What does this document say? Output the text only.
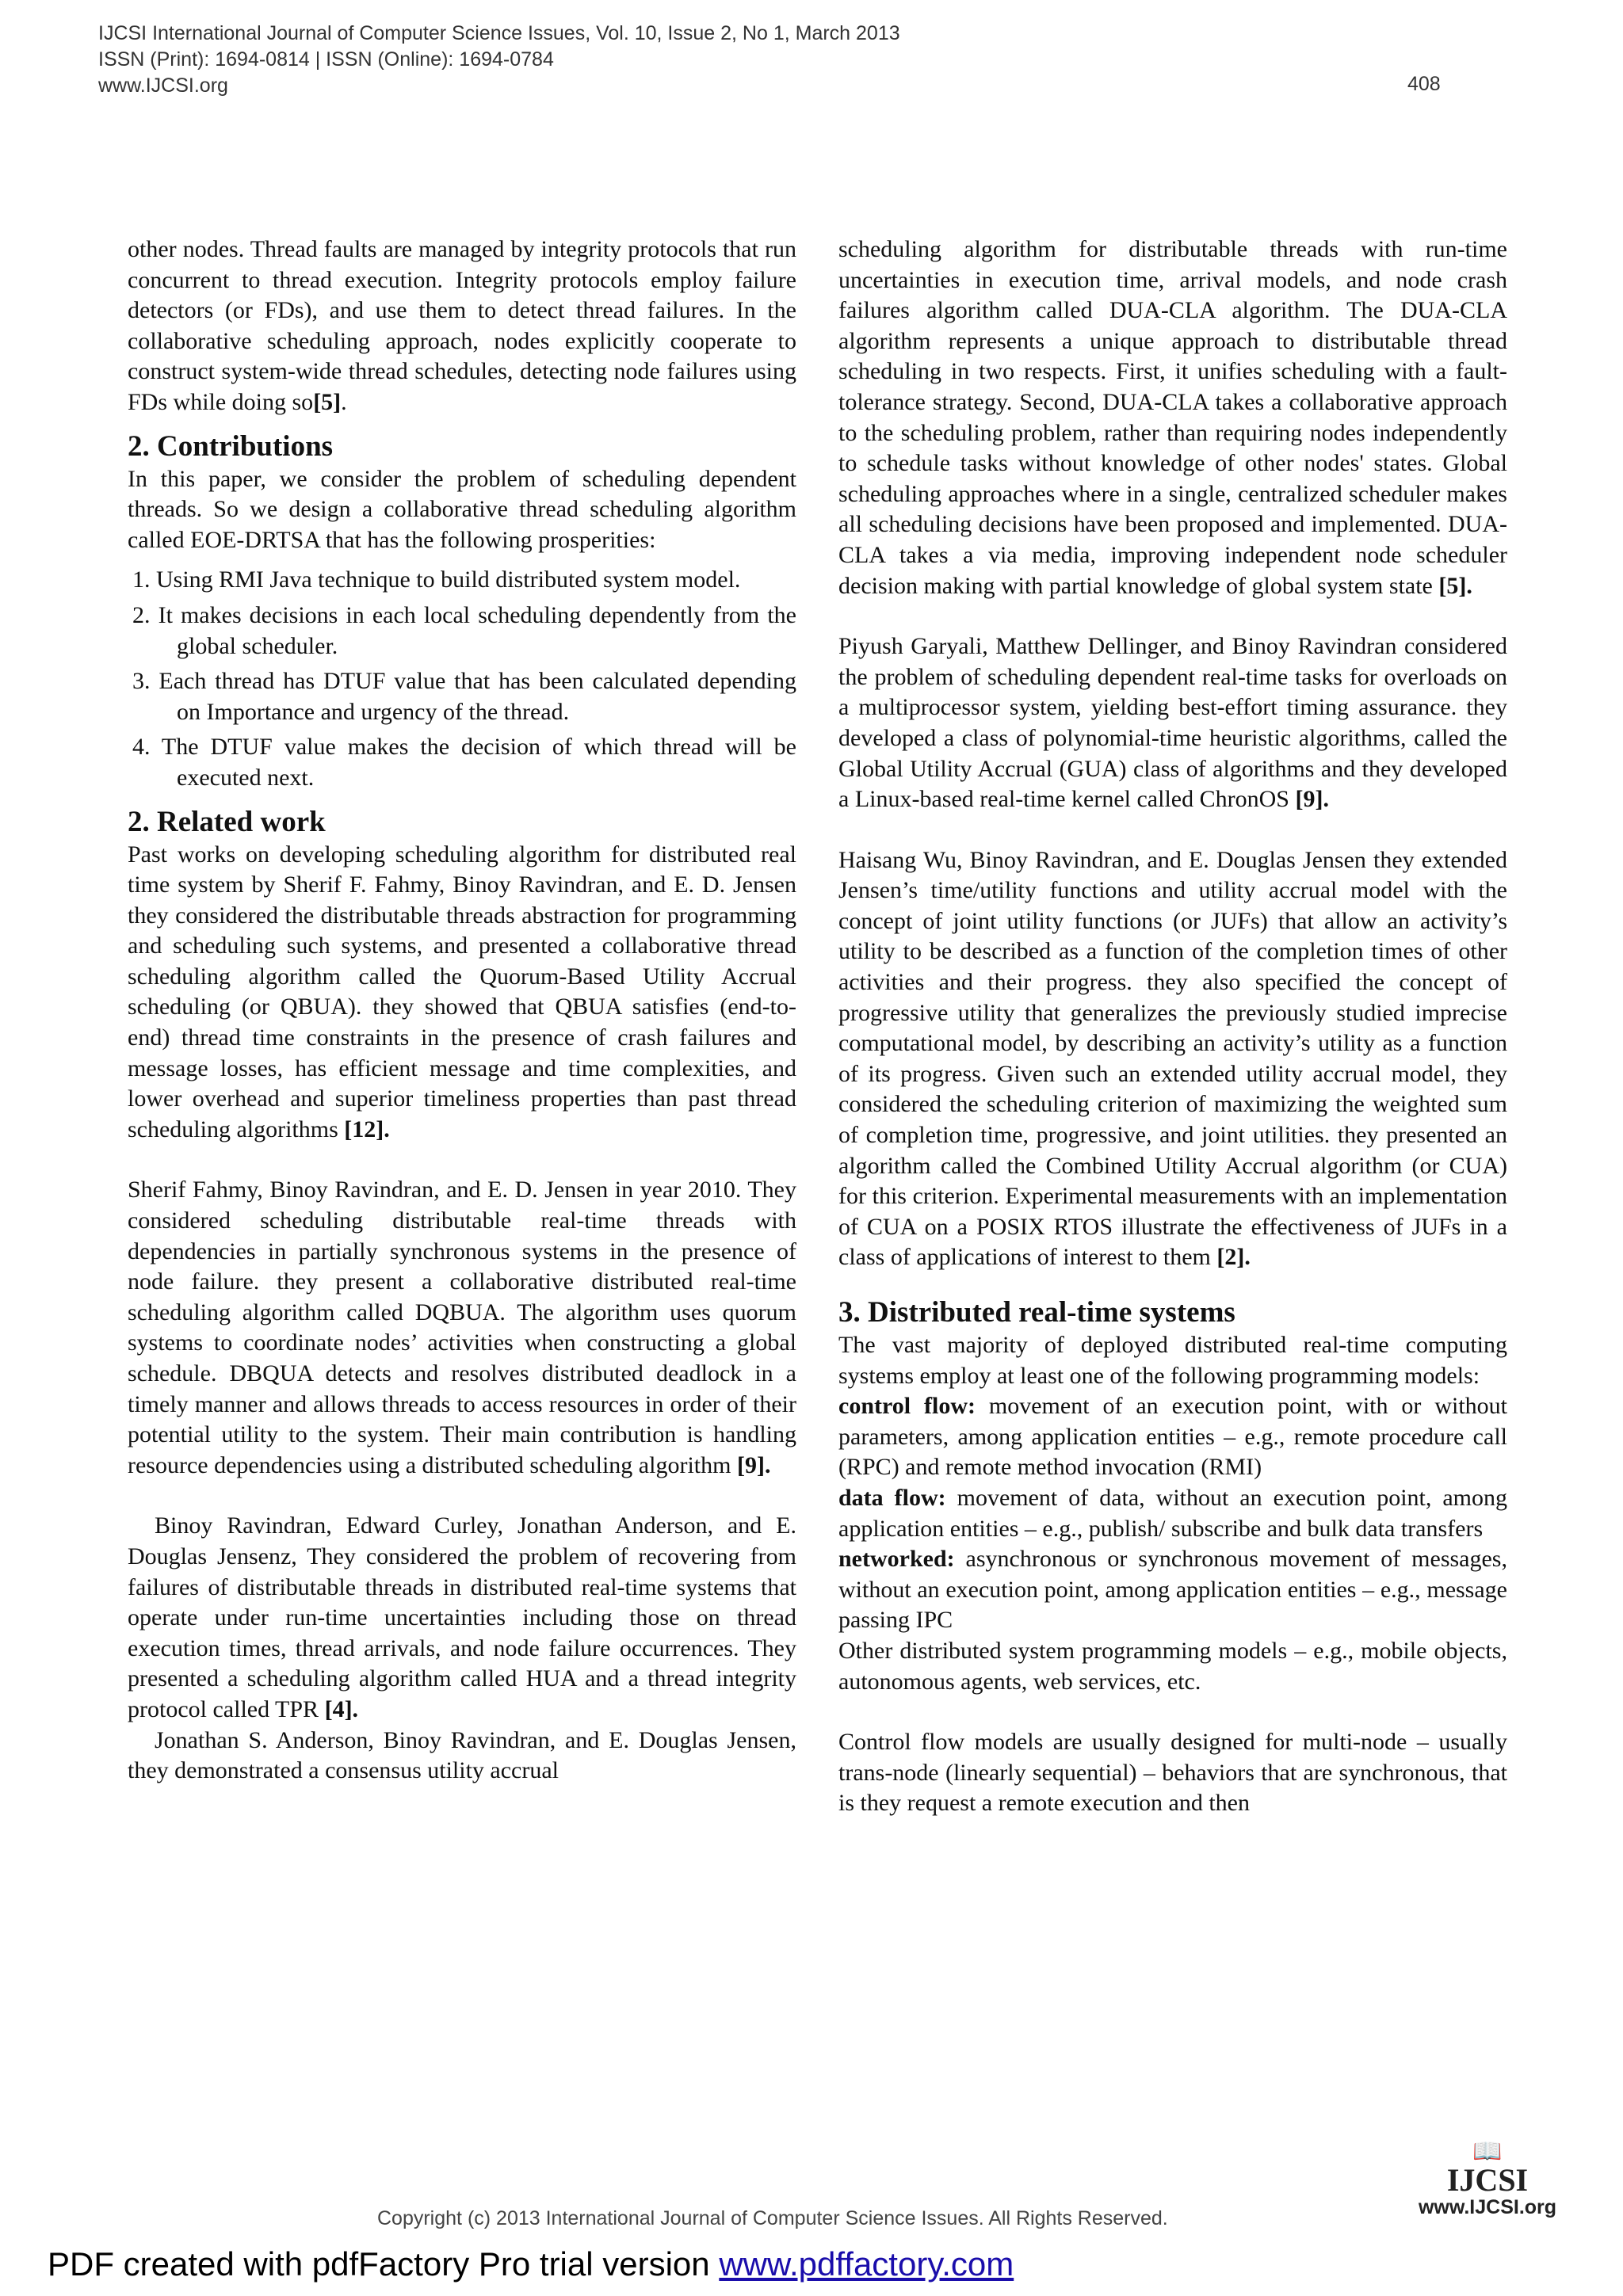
IJCSI International Journal of Computer Science Issues, Vol. 10, Issue 2, No 1, March 2013
ISSN (Print): 1694-0814 | ISSN (Online): 1694-0784
www.IJCSI.org	408

other nodes. Thread faults are managed by integrity protocols that run concurrent to thread execution. Integrity protocols employ failure detectors (or FDs), and use them to detect thread failures. In the collaborative scheduling approach, nodes explicitly cooperate to construct system-wide thread schedules, detecting node failures using FDs while doing so[5].

2. Contributions

In this paper, we consider the problem of scheduling dependent threads. So we design a collaborative thread scheduling algorithm called EOE-DRTSA that has the following prosperities:

1. Using RMI Java technique to build distributed system model.
2. It makes decisions in each local scheduling dependently from the global scheduler.
3. Each thread has DTUF value that has been calculated depending on Importance and urgency of the thread.
4. The DTUF value makes the decision of which thread will be executed next.
2. Related work

Past works on developing scheduling algorithm for distributed real time system by Sherif F. Fahmy, Binoy Ravindran, and E. D. Jensen they considered the distributable threads abstraction for programming and scheduling such systems, and presented a collaborative thread scheduling algorithm called the Quorum-Based Utility Accrual scheduling (or QBUA). they showed that QBUA satisfies (end-to-end) thread time constraints in the presence of crash failures and message losses, has efficient message and time complexities, and lower overhead and superior timeliness properties than past thread scheduling algorithms [12].

Sherif Fahmy, Binoy Ravindran, and E. D. Jensen in year 2010. They considered scheduling distributable real-time threads with dependencies in partially synchronous systems in the presence of node failure. they present a collaborative distributed real-time scheduling algorithm called DQBUA. The algorithm uses quorum systems to coordinate nodes’ activities when constructing a global schedule. DBQUA detects and resolves distributed deadlock in a timely manner and allows threads to access resources in order of their potential utility to the system. Their main contribution is handling resource dependencies using a distributed scheduling algorithm [9].

Binoy Ravindran, Edward Curley, Jonathan Anderson, and E. Douglas Jensenz, They considered the problem of recovering from failures of distributable threads in distributed real-time systems that operate under run-time uncertainties including those on thread execution times, thread arrivals, and node failure occurrences. They presented a scheduling algorithm called HUA and a thread integrity protocol called TPR [4].

Jonathan S. Anderson, Binoy Ravindran, and E. Douglas Jensen, they demonstrated a consensus utility accrual

scheduling algorithm for distributable threads with run-time uncertainties in execution time, arrival models, and node crash failures algorithm called DUA-CLA algorithm. The DUA-CLA algorithm represents a unique approach to distributable thread scheduling in two respects. First, it unifies scheduling with a fault-tolerance strategy. Second, DUA-CLA takes a collaborative approach to the scheduling problem, rather than requiring nodes independently to schedule tasks without knowledge of other nodes' states. Global scheduling approaches where in a single, centralized scheduler makes all scheduling decisions have been proposed and implemented. DUA-CLA takes a via media, improving independent node scheduler decision making with partial knowledge of global system state [5].

Piyush Garyali, Matthew Dellinger, and Binoy Ravindran considered the problem of scheduling dependent real-time tasks for overloads on a multiprocessor system, yielding best-effort timing assurance. they developed a class of polynomial-time heuristic algorithms, called the Global Utility Accrual (GUA) class of algorithms and they developed a Linux-based real-time kernel called ChronOS [9].

Haisang Wu, Binoy Ravindran, and E. Douglas Jensen they extended Jensen’s time/utility functions and utility accrual model with the concept of joint utility functions (or JUFs) that allow an activity’s utility to be described as a function of the completion times of other activities and their progress. they also specified the concept of progressive utility that generalizes the previously studied imprecise computational model, by describing an activity’s utility as a function of its progress. Given such an extended utility accrual model, they considered the scheduling criterion of maximizing the weighted sum of completion time, progressive, and joint utilities. they presented an algorithm called the Combined Utility Accrual algorithm (or CUA) for this criterion. Experimental measurements with an implementation of CUA on a POSIX RTOS illustrate the effectiveness of JUFs in a class of applications of interest to them [2].

3. Distributed real-time systems

The vast majority of deployed distributed real-time computing systems employ at least one of the following programming models:

control flow: movement of an execution point, with or without parameters, among application entities – e.g., remote procedure call (RPC) and remote method invocation (RMI)

data flow: movement of data, without an execution point, among application entities – e.g., publish/ subscribe and bulk data transfers

networked: asynchronous or synchronous movement of messages, without an execution point, among application entities – e.g., message passing IPC

Other distributed system programming models – e.g., mobile objects, autonomous agents, web services, etc.

Control flow models are usually designed for multi-node – usually trans-node (linearly sequential) – behaviors that are synchronous, that is they request a remote execution and then

📖
IJCSI
www.IJCSI.org
Copyright (c) 2013 International Journal of Computer Science Issues. All Rights Reserved.
PDF created with pdfFactory Pro trial version www.pdffactory.com
